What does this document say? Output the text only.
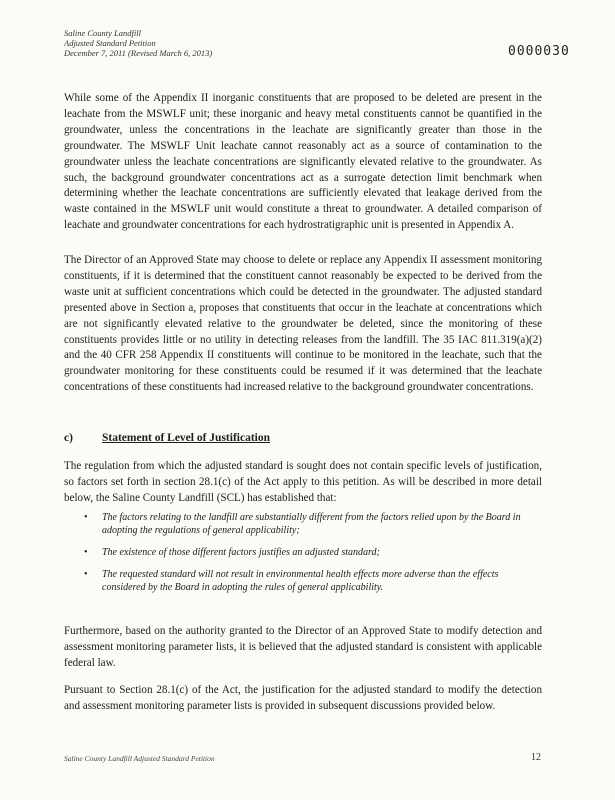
Saline County Landfill
Adjusted Standard Petition
December 7, 2011 (Revised March 6, 2013)	0000030

While some of the Appendix II inorganic constituents that are proposed to be deleted are present in the leachate from the MSWLF unit; these inorganic and heavy metal constituents cannot be quantified in the groundwater, unless the concentrations in the leachate are significantly greater than those in the groundwater. The MSWLF Unit leachate cannot reasonably act as a source of contamination to the groundwater unless the leachate concentrations are significantly elevated relative to the groundwater. As such, the background groundwater concentrations act as a surrogate detection limit benchmark when determining whether the leachate concentrations are sufficiently elevated that leakage derived from the waste contained in the MSWLF unit would constitute a threat to groundwater. A detailed comparison of leachate and groundwater concentrations for each hydrostratigraphic unit is presented in Appendix A.

The Director of an Approved State may choose to delete or replace any Appendix II assessment monitoring constituents, if it is determined that the constituent cannot reasonably be expected to be derived from the waste unit at sufficient concentrations which could be detected in the groundwater. The adjusted standard presented above in Section a, proposes that constituents that occur in the leachate at concentrations which are not significantly elevated relative to the groundwater be deleted, since the monitoring of these constituents provides little or no utility in detecting releases from the landfill. The 35 IAC 811.319(a)(2) and the 40 CFR 258 Appendix II constituents will continue to be monitored in the leachate, such that the groundwater monitoring for these constituents could be resumed if it was determined that the leachate concentrations of these constituents had increased relative to the background groundwater concentrations.

c)	Statement of Level of Justification

The regulation from which the adjusted standard is sought does not contain specific levels of justification, so factors set forth in section 28.1(c) of the Act apply to this petition. As will be described in more detail below, the Saline County Landfill (SCL) has established that:

• The factors relating to the landfill are substantially different from the factors relied upon by the Board in adopting the regulations of general applicability;

• The existence of those different factors justifies an adjusted standard;

• The requested standard will not result in environmental health effects more adverse than the effects considered by the Board in adopting the rules of general applicability.

Furthermore, based on the authority granted to the Director of an Approved State to modify detection and assessment monitoring parameter lists, it is believed that the adjusted standard is consistent with applicable federal law.

Pursuant to Section 28.1(c) of the Act, the justification for the adjusted standard to modify the detection and assessment monitoring parameter lists is provided in subsequent discussions provided below.

Saline County Landfill Adjusted Standard Petition	12
